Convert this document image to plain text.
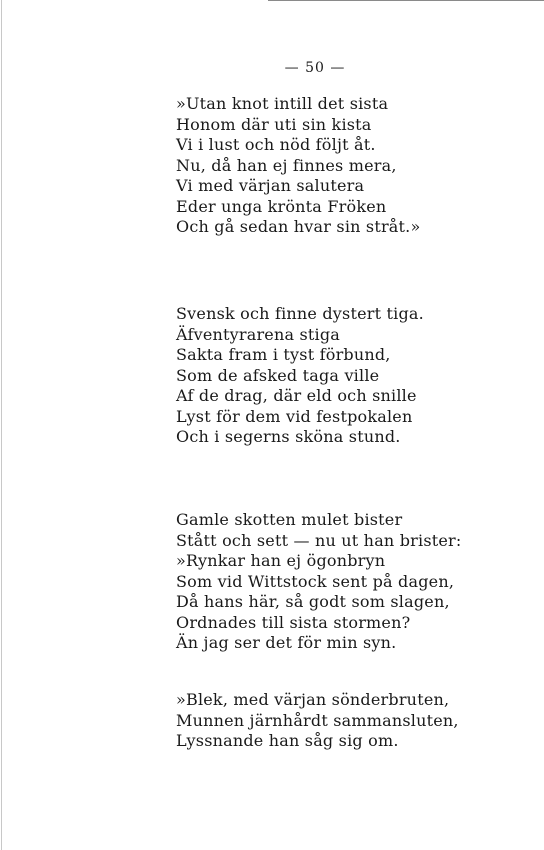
— 50 —
»Utan knot intill det sista
Honom där uti sin kista
Vi i lust och nöd följt åt.
Nu, då han ej finnes mera,
Vi med värjan salutera
Eder unga krönta Fröken
Och gå sedan hvar sin stråt.»
Svensk och finne dystert tiga.
Äfventyrarena stiga
Sakta fram i tyst förbund,
Som de afsked taga ville
Af de drag, där eld och snille
Lyst för dem vid festpokalen
Och i segerns sköna stund.
Gamle skotten mulet bister
Stått och sett — nu ut han brister:
»Rynkar han ej ögonbryn
Som vid Wittstock sent på dagen,
Då hans här, så godt som slagen,
Ordnades till sista stormen?
Än jag ser det för min syn.
»Blek, med värjan sönderbruten,
Munnen järnhårdt sammansluten,
Lyssnande han såg sig om.
